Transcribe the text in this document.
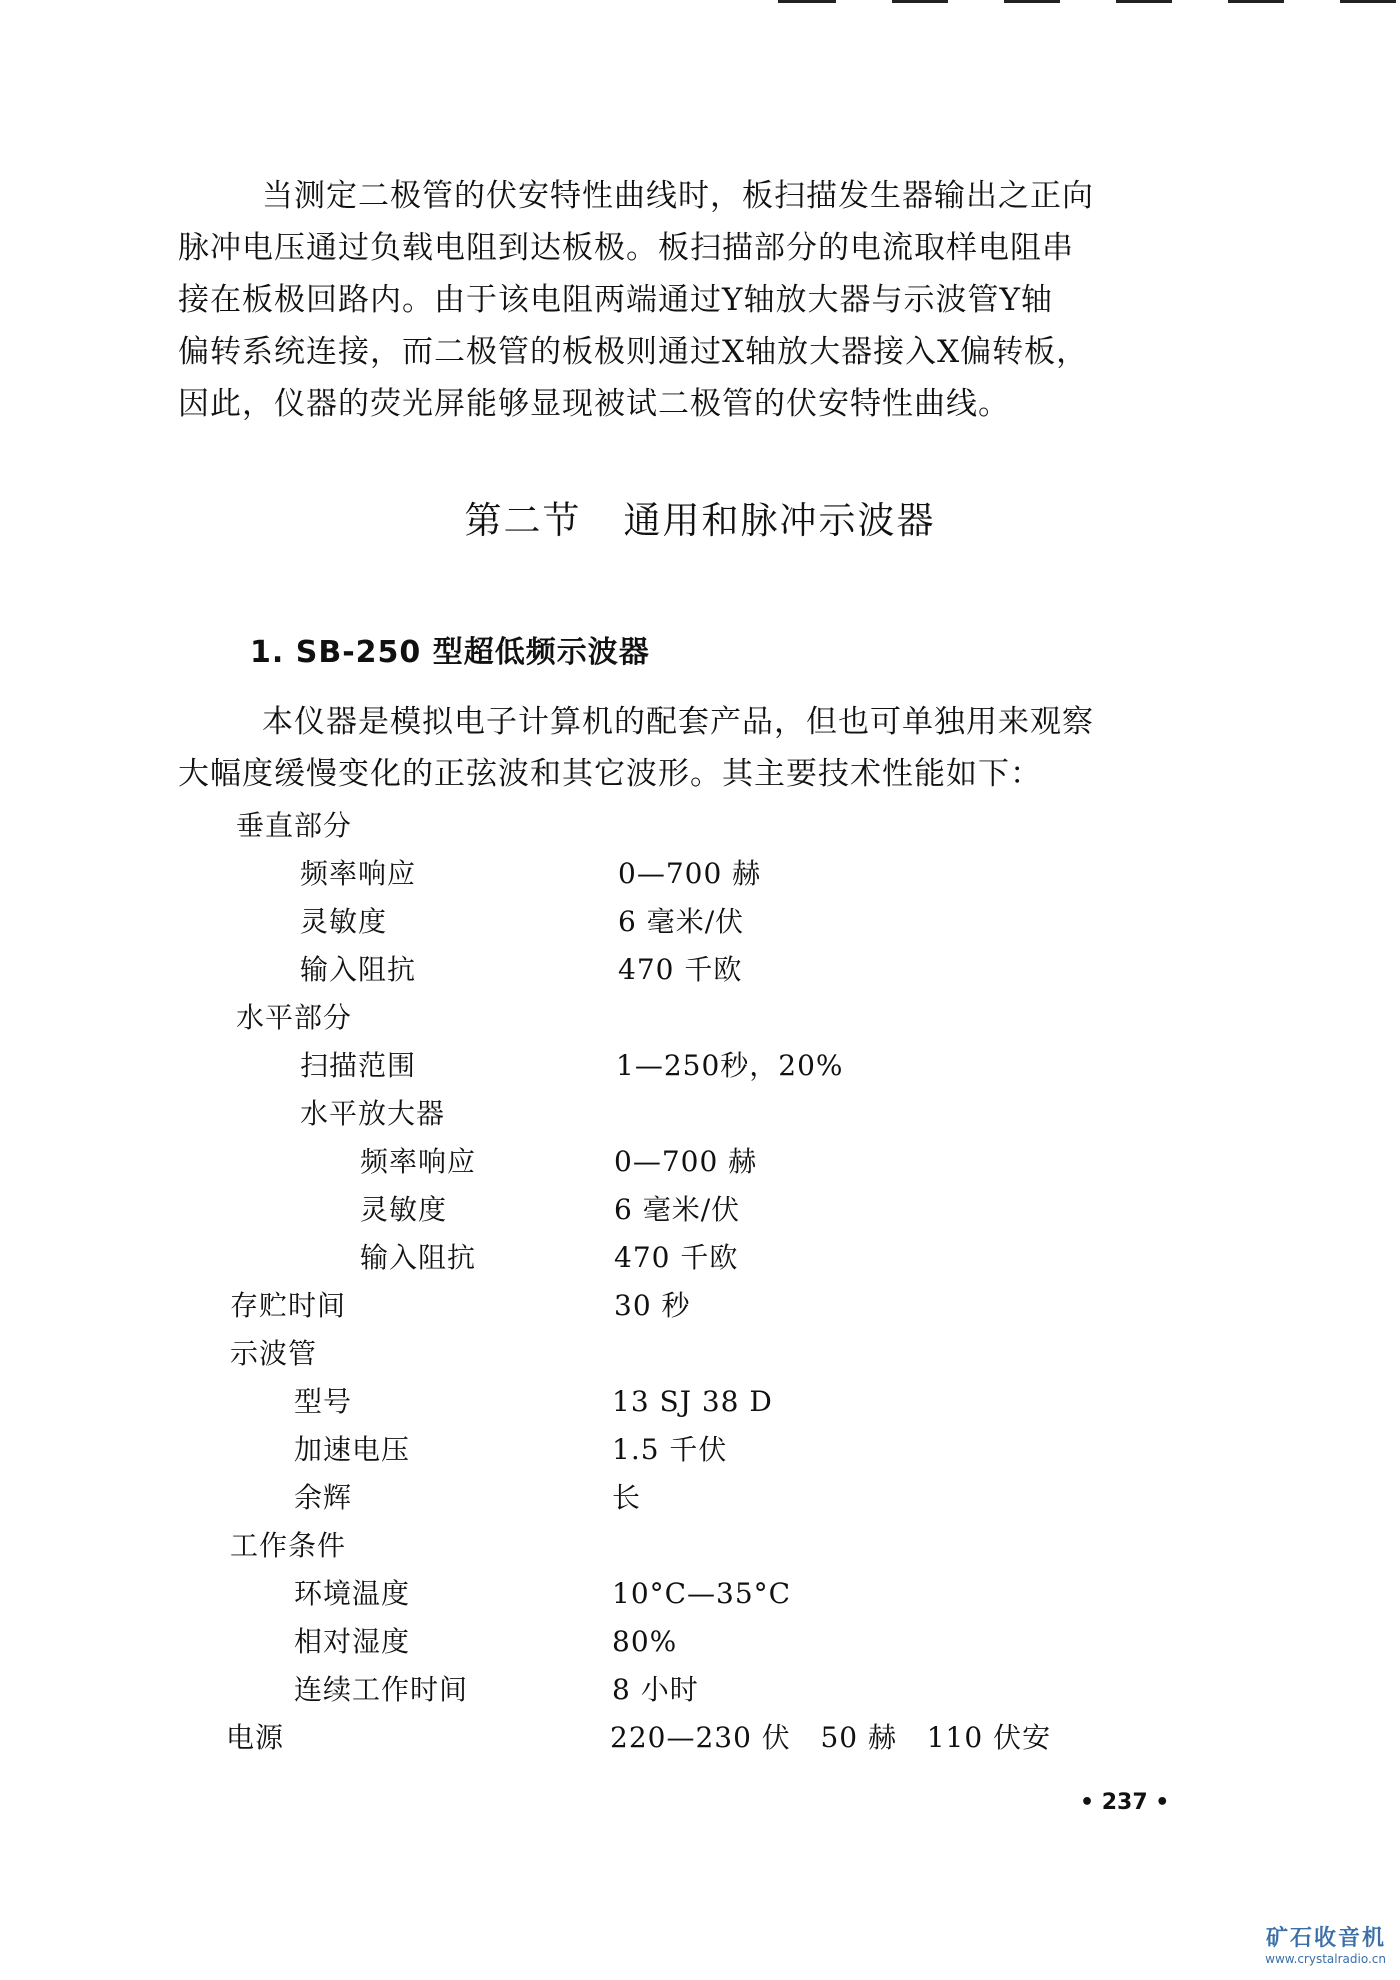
当测定二极管的伏安特性曲线时，板扫描发生器输出之正向
脉冲电压通过负载电阻到达板极。板扫描部分的电流取样电阻串
接在板极回路内。由于该电阻两端通过Y轴放大器与示波管Y轴
偏转系统连接，而二极管的板极则通过X轴放大器接入X偏转板，
因此，仪器的荧光屏能够显现被试二极管的伏安特性曲线。
第二节 通用和脉冲示波器
1. SB-250 型超低频示波器
本仪器是模拟电子计算机的配套产品，但也可单独用来观察
大幅度缓慢变化的正弦波和其它波形。其主要技术性能如下：
垂直部分
频率响应	0—700 赫
灵敏度	6 毫米/伏
输入阻抗	470 千欧
水平部分
扫描范围	1—250秒，20%
水平放大器
频率响应	0—700 赫
灵敏度	6 毫米/伏
输入阻抗	470 千欧
存贮时间	30 秒
示波管
型号	13 SJ 38 D
加速电压	1.5 千伏
余辉	长
工作条件
环境温度	10°C—35°C
相对湿度	80%
连续工作时间	8 小时
电源	220—230 伏   50 赫   110 伏安
• 237 •
矿石收音机
www.crystalradio.cn
